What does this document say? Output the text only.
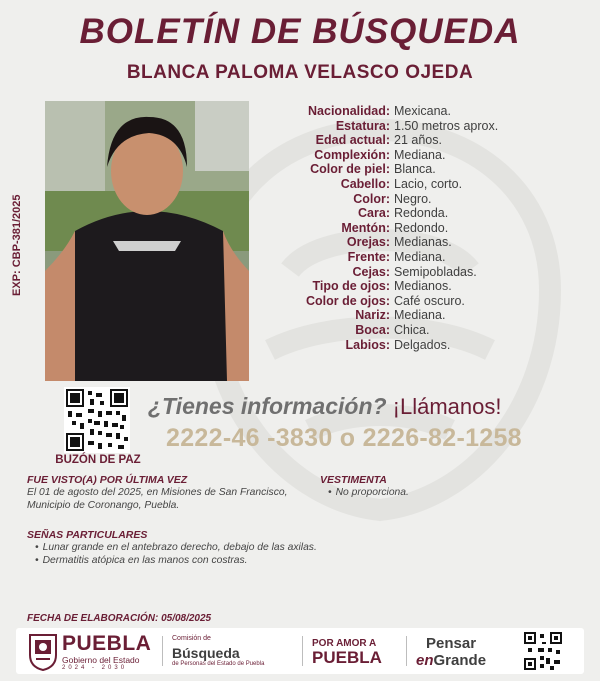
BOLETÍN DE BÚSQUEDA
BLANCA PALOMA VELASCO OJEDA
EXP: CBP-381/2025
Nacionalidad: Mexicana.
Estatura: 1.50 metros aprox.
Edad actual: 21 años.
Complexión: Mediana.
Color de piel: Blanca.
Cabello: Lacio, corto.
Color: Negro.
Cara: Redonda.
Mentón: Redondo.
Orejas: Medianas.
Frente: Mediana.
Cejas: Semipobladas.
Tipo de ojos: Medianos.
Color de ojos: Café oscuro.
Nariz: Mediana.
Boca: Chica.
Labios: Delgados.
BUZÓN DE PAZ
¿Tienes información? ¡Llámanos!
2222-46 -3830 o 2226-82-1258
FUE VISTO(A) POR ÚLTIMA VEZ
El 01 de agosto del 2025, en Misiones de San Francisco, Municipio de Coronango, Puebla.
VESTIMENTA
• No proporciona.
SEÑAS PARTICULARES
• Lunar grande en el antebrazo derecho, debajo de las axilas.
• Dermatitis atópica en las manos con costras.
FECHA DE ELABORACIÓN: 05/08/2025
PUEBLA
Gobierno del Estado
2024 - 2030
Comisión de
Búsqueda
de Personas del Estado de Puebla
POR AMOR A
PUEBLA
Pensar
enGrande
